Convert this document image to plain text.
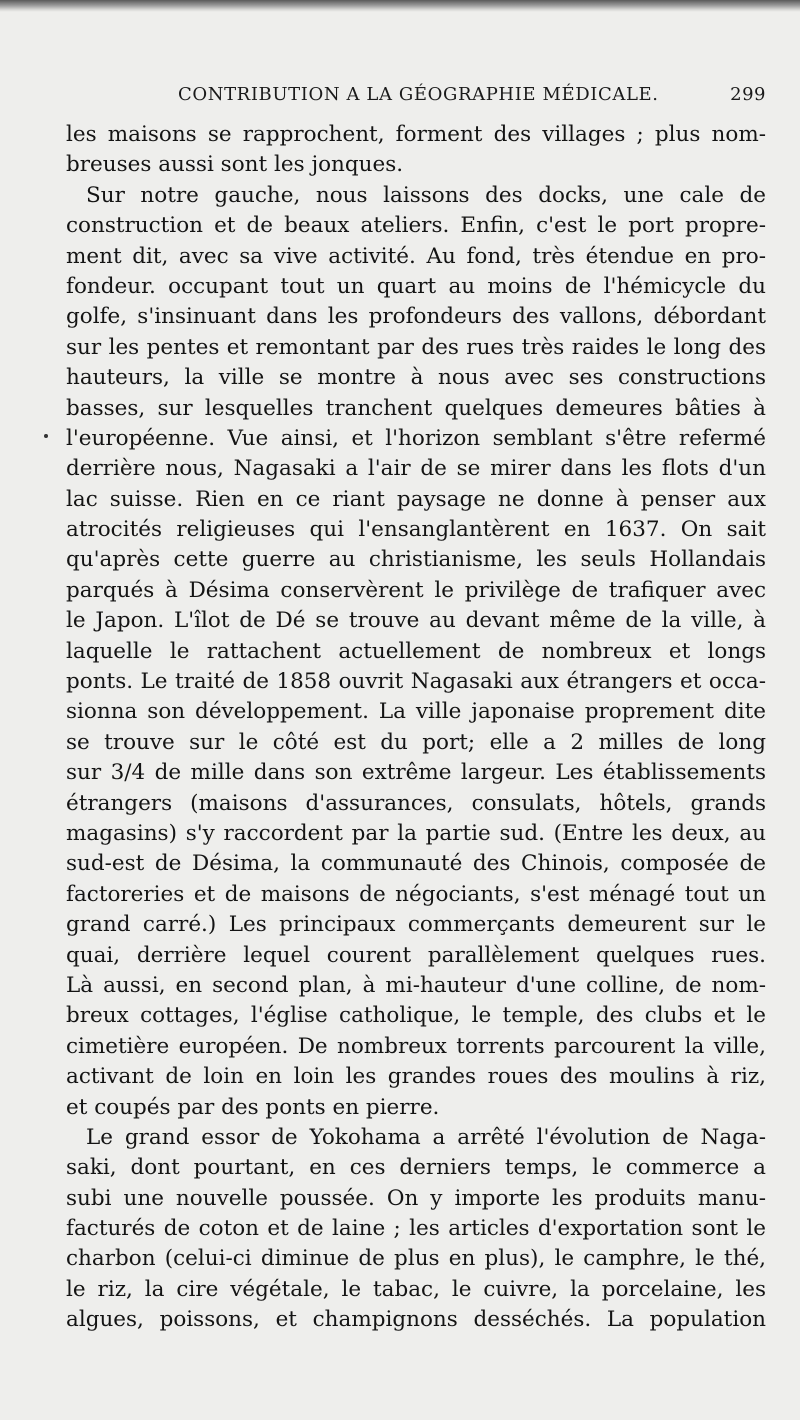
CONTRIBUTION A LA GÉOGRAPHIE MÉDICALE.	299
les maisons se rapprochent, forment des villages ; plus nom-
breuses aussi sont les jonques.
Sur notre gauche, nous laissons des docks, une cale de
construction et de beaux ateliers. Enfin, c'est le port propre-
ment dit, avec sa vive activité. Au fond, très étendue en pro-
fondeur. occupant tout un quart au moins de l'hémicycle du
golfe, s'insinuant dans les profondeurs des vallons, débordant
sur les pentes et remontant par des rues très raides le long des
hauteurs, la ville se montre à nous avec ses constructions
basses, sur lesquelles tranchent quelques demeures bâties à
l'européenne. Vue ainsi, et l'horizon semblant s'être refermé
derrière nous, Nagasaki a l'air de se mirer dans les flots d'un
lac suisse. Rien en ce riant paysage ne donne à penser aux
atrocités religieuses qui l'ensanglantèrent en 1637. On sait
qu'après cette guerre au christianisme, les seuls Hollandais
parqués à Désima conservèrent le privilège de trafiquer avec
le Japon. L'îlot de Dé se trouve au devant même de la ville, à
laquelle le rattachent actuellement de nombreux et longs
ponts. Le traité de 1858 ouvrit Nagasaki aux étrangers et occa-
sionna son développement. La ville japonaise proprement dite
se trouve sur le côté est du port; elle a 2 milles de long
sur 3/4 de mille dans son extrême largeur. Les établissements
étrangers (maisons d'assurances, consulats, hôtels, grands
magasins) s'y raccordent par la partie sud. (Entre les deux, au
sud-est de Désima, la communauté des Chinois, composée de
factoreries et de maisons de négociants, s'est ménagé tout un
grand carré.) Les principaux commerçants demeurent sur le
quai, derrière lequel courent parallèlement quelques rues.
Là aussi, en second plan, à mi-hauteur d'une colline, de nom-
breux cottages, l'église catholique, le temple, des clubs et le
cimetière européen. De nombreux torrents parcourent la ville,
activant de loin en loin les grandes roues des moulins à riz,
et coupés par des ponts en pierre.
Le grand essor de Yokohama a arrêté l'évolution de Naga-
saki, dont pourtant, en ces derniers temps, le commerce a
subi une nouvelle poussée. On y importe les produits manu-
facturés de coton et de laine ; les articles d'exportation sont le
charbon (celui-ci diminue de plus en plus), le camphre, le thé,
le riz, la cire végétale, le tabac, le cuivre, la porcelaine, les
algues, poissons, et champignons desséchés. La population
